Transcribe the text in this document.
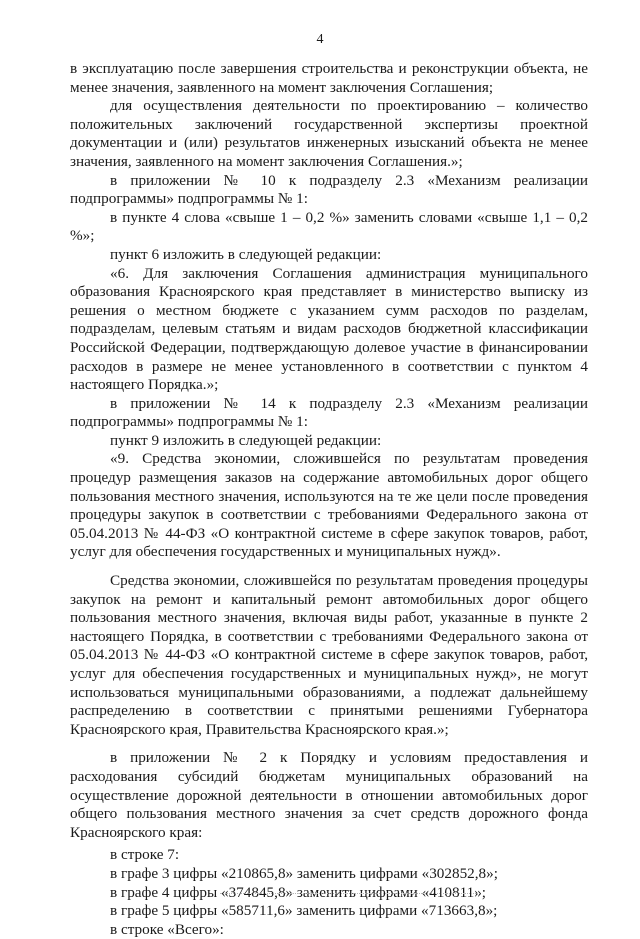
4

в эксплуатацию после завершения строительства и реконструкции объекта, не менее значения, заявленного на момент заключения Соглашения;

для осуществления деятельности по проектированию – количество положительных заключений государственной экспертизы проектной документации и (или) результатов инженерных изысканий объекта не менее значения, заявленного на момент заключения Соглашения.»;

в приложении № 10 к подразделу 2.3 «Механизм реализации подпрограммы» подпрограммы № 1:

в пункте 4 слова «свыше 1 – 0,2 %» заменить словами «свыше 1,1 – 0,2 %»;

пункт 6 изложить в следующей редакции:

«6. Для заключения Соглашения администрация муниципального образования Красноярского края представляет в министерство выписку из решения о местном бюджете с указанием сумм расходов по разделам, подразделам, целевым статьям и видам расходов бюджетной классификации Российской Федерации, подтверждающую долевое участие в финансировании расходов в размере не менее установленного в соответствии с пунктом 4 настоящего Порядка.»;

в приложении № 14 к подразделу 2.3 «Механизм реализации подпрограммы» подпрограммы № 1:

пункт 9 изложить в следующей редакции:

«9. Средства экономии, сложившейся по результатам проведения процедур размещения заказов на содержание автомобильных дорог общего пользования местного значения, используются на те же цели после проведения процедуры закупок в соответствии с требованиями Федерального закона от 05.04.2013 № 44-ФЗ «О контрактной системе в сфере закупок товаров, работ, услуг для обеспечения государственных и муниципальных нужд».

Средства экономии, сложившейся по результатам проведения процедуры закупок на ремонт и капитальный ремонт автомобильных дорог общего пользования местного значения, включая виды работ, указанные в пункте 2 настоящего Порядка, в соответствии с требованиями Федерального закона от 05.04.2013 № 44-ФЗ «О контрактной системе в сфере закупок товаров, работ, услуг для обеспечения государственных и муниципальных нужд», не могут использоваться муниципальными образованиями, а подлежат дальнейшему распределению в соответствии с принятыми решениями Губернатора Красноярского края, Правительства Красноярского края.»;

в приложении № 2 к Порядку и условиям предоставления и расходования субсидий бюджетам муниципальных образований на осуществление дорожной деятельности в отношении автомобильных дорог общего пользования местного значения за счет средств дорожного фонда Красноярского края:

в строке 7:

в графе 3 цифры «210865,8» заменить цифрами «302852,8»;

в графе 4 цифры «374845,8» заменить цифрами «410811»;

в графе 5 цифры «585711,6» заменить цифрами «713663,8»;

в строке «Всего»:
